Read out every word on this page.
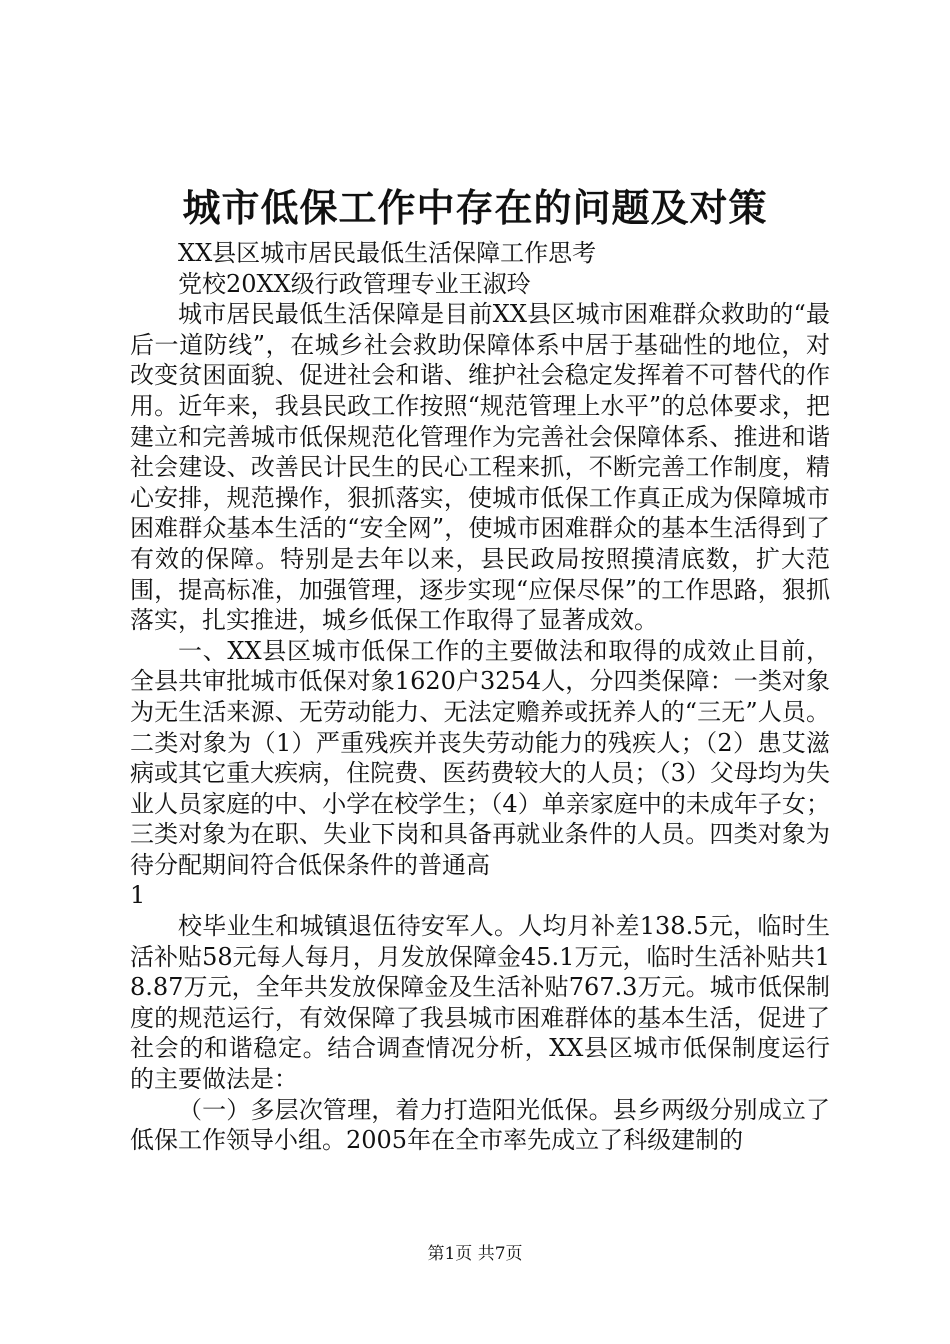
城市低保工作中存在的问题及对策

XX县区城市居民最低生活保障工作思考

党校20XX级行政管理专业王淑玲

城市居民最低生活保障是目前XX县区城市困难群众救助的“最后一道防线”，在城乡社会救助保障体系中居于基础性的地位，对改变贫困面貌、促进社会和谐、维护社会稳定发挥着不可替代的作用。近年来，我县民政工作按照“规范管理上水平”的总体要求，把建立和完善城市低保规范化管理作为完善社会保障体系、推进和谐社会建设、改善民计民生的民心工程来抓，不断完善工作制度，精心安排，规范操作，狠抓落实，使城市低保工作真正成为保障城市困难群众基本生活的“安全网”，使城市困难群众的基本生活得到了有效的保障。特别是去年以来，县民政局按照摸清底数，扩大范围，提高标准，加强管理，逐步实现“应保尽保”的工作思路，狠抓落实，扎实推进，城乡低保工作取得了显著成效。

一、XX县区城市低保工作的主要做法和取得的成效止目前，全县共审批城市低保对象1620户3254人，分四类保障：一类对象为无生活来源、无劳动能力、无法定赡养或抚养人的“三无”人员。二类对象为（1）严重残疾并丧失劳动能力的残疾人；（2）患艾滋病或其它重大疾病，住院费、医药费较大的人员；（3）父母均为失业人员家庭的中、小学在校学生；（4）单亲家庭中的未成年子女；三类对象为在职、失业下岗和具备再就业条件的人员。四类对象为待分配期间符合低保条件的普通高

1

校毕业生和城镇退伍待安军人。人均月补差138.5元，临时生活补贴58元每人每月，月发放保障金45.1万元，临时生活补贴共18.87万元，全年共发放保障金及生活补贴767.3万元。城市低保制度的规范运行，有效保障了我县城市困难群体的基本生活，促进了社会的和谐稳定。结合调查情况分析，XX县区城市低保制度运行的主要做法是：

（一）多层次管理，着力打造阳光低保。县乡两级分别成立了低保工作领导小组。2005年在全市率先成立了科级建制的

第1页 共7页
